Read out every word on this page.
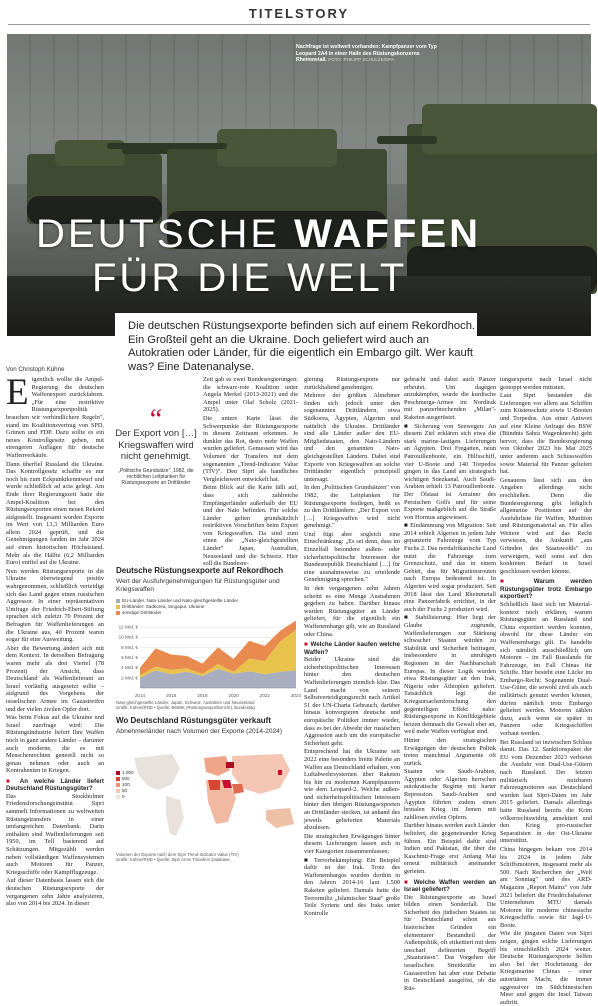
TITELSTORY
Nachfrage ist weltweit vorhanden: Kampfpanzer vom Typ Leopard 2A4 in einer Halle des Rüstungskonzerns Rheinmetall. FOTO: PHILIPP SCHULZE/DPA
DEUTSCHE WAFFEN
FÜR DIE WELT
Die deutschen Rüstungsexporte befinden sich auf einem Rekordhoch. Ein Großteil geht an die Ukraine. Doch geliefert wird auch an Autokratien oder Länder, für die eigentlich ein Embargo gilt. Wer kauft was? Eine Datenanalyse.
Von Christoph Kühne

Eigentlich wollte die Ampel-Regierung die deutschen Waffenexport zurückfahren. „Für eine restriktive Rüstungsexportpolitik brauchen wir verbindlichere Regeln", stand im Koalitionsvertrag von SPD, Grünen und FDP. Dazu sollte es ein neues Kontrollgesetz geben, mit strengeren Auflagen für deutsche Waffenverkäufe.

Dann überfiel Russland die Ukraine. Das Kontrollgesetz schaffte es nur noch bis zum Eckpunktkenntwurf und wurde schließlich ad acta gelegt. Am Ende ihrer Regierungszeit hatte die Ampel-Koalition bei den Rüstungsexporten einen neuen Rekord aufgestellt. Insgesamt wurden Exporte im Wert von 13,3 Milliarden Euro allein 2024 geprüft, und die Genehmigungen fanden im Jahr 2024 auf einen historischen Höchststand. Mehr als die Hälfte (6,2 Milliarden Euro) entfiel auf die Ukraine.

Nun werden Rüstungsexporte in die Ukraine überwiegend positiv wahrgenommen, schließlich verteidigt sich das Land gegen einen russischen Aggressor. In einer repräsentativen Umfrage der Friedrich-Ebert-Stiftung sprachen sich zuletzt 70 Prozent der Befragten für Waffenlieferungen an die Ukraine aus, 40 Prozent waren sogar für eine Ausweitung.

Aber die Bewertung ändert sich mit dem Kontext. In derselben Befragung waren mehr als drei Viertel (78 Prozent) der Ansicht, dass Deutschland als Waffenlieferant an Israel vorläufig ausgesetzt sollte – aufgrund des Vorgehens der israelischen Armee im Gazastreifen und der vielen zivilen Opfer dort.

Was beim Fokus auf die Ukraine und Israel zuerfrage wird: Die Rüstungsindustrie liefert Ihre Waffen noch in ganz andere Länder – darunter auch moderne, die es mit Menschenrechten generell nicht so genau nehmen oder auch an Kontrahenten in Kriegen.

■ An welche Länder liefert Deutschland Rüstungsgüter?

Das Stockholmer Friedensforschungsinstitut Sipri sammelt Informationen zu weltweiten Rüstungstransfers in einer umfangreichen Datenbank. Darin enthalten sind Waffenlieferungen seit 1950, im Tell basierend auf Schätzungen. Mitgezählt werden neben vollständigen Waffensystemen auch Motoren für Panzer, Kriegsschiffe oder Kampfflugzeuge.

Auf dieser Datenbasis lassen sich die deutschen Rüstungsexporte der vergangenen zehn Jahre analysieren, also von 2014 bis 2024. In dieser

“
Der Export von […] Kriegswaffen wird nicht genehmigt.
„Politische Grundsätze", 1982, die rechtlichen Leitplanken für Rüstungsexporte an Drittländer

Zeit gab es zwei Bundesregierungen: die schwarz-rote Koalition unter Angela Merkel (2013-2021) und die Ampel unter Olaf Scholz (2021-2025).

Die untere Karte lässt die Schwerpunkte der Rüstungsexporte in diesem Zeitraum erkennen. Je dunkler das Rot, desto mehr Waffen wurden geliefert. Gemessen wird das Volumen der Transfers mit dem sogenannten „Trend-Indicator Value (TIV)". Den Sipri als handliches Vergleichswert entwickelt hat.

Beim Blick auf die Karte fällt auf, dass sich zahlreiche Empfängerländer außerhalb der EU und der Nato befinden. Für solche Länder gelten grundsätzlich restriktiven Vorschriften beim Export von Kriegswaffen. Da sind zum einen die „Nato-gleichgestellten Länder" Japan, Australien, Neuseeland und die Schweiz. Hier soll die Bundesre-

gierung Rüstungsexporte nur zurückhaltend genehmigen.

Mehrere der größten Abnehmer finden sich jedoch unter den sogenannten Drittländern, etwa Südkorea, Ägypten, Algerien und natürlich die Ukraine. Drittländer sind alle Länder außer den EU-Mitgliedstaaten, den Nato-Ländern und den genannten Nato-gleichgestellten Ländern. Dabei sind Exporte von Kriegswaffen an solche Drittländer eigentlich prinzipiell untersagt.

In den „Politischen Grundsätzen" von 1982, die Leitplanken für Rüstungsexporte festlegen, heißt es zu den Drittländern: „Der Export von […] Kriegswaffen wird nicht genehmigt."

Und fügt aber sogleich eine Einschränkung: „Es sei denn, dass im Einzelfall besondere außen- oder sicherheitspolitische Interessen der Bundesrepublik Deutschland […] für eine ausnahmsweise zu erteilende Genehmigung sprechen."

In den vergangenen zehn Jahren scheint es eine Menge Ausnahmen gegeben zu haben. Darüber hinaus wurden Rüstungsgüter an Länder geliefert, für die eigentlich ein Waffenembargo gilt, wie an Russland oder China.

■ Welche Länder kaufen welche Waffen?

Beider Ukraine sind die sicherheitspolitischen Interessen hinter den deutschen Waffenlieferungen ziemlich klar. Das Land macht von seinem Selbstverteidigungsrecht nach Artikel 51 der UN-Charta Gebrauch, darüber hinaus konvergieren deutsche und europäische Politiker immer wieder, dass es bei der Abwehr der russischen Aggression auch um die europäische Sicherheit geht.

Entsprechend hat die Ukraine seit 2022 eine besonders breite Palette an Waffen aus Deutschland erhalten, von Luftabwehrsystemen über Raketen bis hin zu modernen Kampfpanzern wie dem Leopard-2. Welche außen- und sicherheitspolitischen Interessen hinter den übrigen Rüstungsexporten an Drittländer stecken, ist anhand des jeweils gelieferten Materials abzulesen.

Die strategischen Erwägungen hinter diesem Lieferungen lassen sich in vier Kategorien zusammenfassen:

■ Terrorbekämpfung: Ein Beispiel dafür ist der Irak. Trotz des Waffenembargos wurden dorthin in den Jahren 2014-16 laut 1.500 Raketen geliefert. Damals hatte die Terrormiliz „Islamischer Staat" große Teile Syriens und des Iraks unter Kontrolle

gebracht und dabei auch Panzer erbeutet. Um dagegen anzukämpfen, wurde die kurdische Peschmerga-Armee im Nordirak mit panzerbrechenden „Milan"-Raketen ausgerüstet.

■ Sicherung von Seewegen: An diesem Ziel erklären sich etwa die stark marine-lastigen Lieferungen an Ägypten. Drei Fregatten, neun Patrouillenboote, ein Hilfsschiff, vier U-Boote und 140 Torpedos gingen in das Land am strategisch wichtigen Suezkanal. Auch Saudi-Arabien erhielt 13 Patrouillenboote. Der Ölstaat ist Anrainer des Persischen Golfs und für seine Exporte maßgeblich auf die Straße von Hormus angewiesen.

■ Eindämmung von Migration: Seit 2014 erhielt Algerien in jedem Jahr gepanzerte Fahrzeuge vom Typ Fuchs 2. Das nordafrikanische Land nutzt die Fahrzeuge zum Grenzschutz, und das in einem Gebiet, das für Migrationsrouten nach Europa bedeutend ist. In Algerien wird sogar produziert. Seit 2018 lässt das Land Rheinmetall eine Panzerfabrik errichtet, in der auch der Fuchs 2 produziert wird.

■ Stabilisierung: Hier liegt der Glaube zugrunde, Waffenlieferungen zur Stärkung schwacher Staaten würden zu Stabilität und Sicherheit beitragen, insbesondere in unruhigen Regionen in der Nachbarschaft Europas. In dieser Logik wurden etwa Rüstungsgüter an den Irak, Nigeria oder Äthiopien geliefert. Tatsächlich legt die Kriegsursachenforschung den gegenteiligen Effekt nahe: Rüstungsexporte in Konfliktgebiete heizen demnach die Gewalt eher an, weil mehr Waffen verfügbar sind.

Hinter den strategischen Erwägungen der deutschen Politik treten manchmal Argumente oft zurück.

Staaten wie Saudi-Arabien, Ägypten oder Algerien herrschen autokratische Regime mit harter Repression. Saudi-Arabien und Ägypten führten zudem einen brutalen Krieg im Jemen mit zahllosen zivilen Opfern.

Darüber hinaus werden auch Länder beliefert, die gegeneinander Krieg führen. Ein Beispiel dafür sind Indien und Pakistan, die über die Kaschmir-Frage erst Anfang Mai erneut militärisch aneinander gerieten.

■ Welche Waffen werden an Israel geliefert?

Die Rüstungsexporte an Israel bilden einen Sonderfall. Die Sicherheit des jüdischen Staates ist für Deutschland schon aus historischen Gründen ein elementarer Bestandteil der Außenpolitik, oft etikettiert mit dem unscharf definierten Begriff „Staatsräson". Das Vorgehen der israelischen Streitkräfte im Gazastreifen hat aber eine Debatte in Deutschland ausgelöst, ob die Rüs-

tungsexporte nach Israel nicht gestoppt werden müssten.

Laut Sipri bestanden die Lieferungen vor allem aus Schiffen zum Küstenschutz sowie U-Booten und Torpedos. Aus einer Antwort auf eine Kleine Anfrage des BSW (Bündnis Sahra Wagenknecht) geht hervor, dass die Bundesregierung von Oktober 2023 bis Mai 2025 unter anderem auch Schusswaffen sowie Material für Panzer geliefert hat.

Genaueres lässt sich aus den Angaben allerdings nicht erschließen. Denn die Bundesregierung gibt lediglich allgemeine Positionen auf der Ausfuhrliste für Waffen, Munition und Rüstungsmaterial an. Für alles Weitere wird auf das Recht verwiesen, die Auskunft „aus Gründen des Staatswohls" zu verweigern, weil sonst auf den konkreten Bedarf in Israel geschlossen werden könnte.

■ Warum werden Rüstungsgüter trotz Embargo exportiert?

Schließlich lässt sich im Material-kontext noch erklären, warum Rüstungsgüter an Russland und China exportiert werden konnten, obwohl für diese Länder ein Waffenembargo gilt. Es handelte sich nämlich ausschließlich um Motoren – im Fall Russlands für Fahrzeuge, im Fall Chinas für Schiffe. Hier besteht eine Lücke im Embargo-Recht: Sogenannte Dual-Use-Güter, die sowohl zivil als auch militärisch genutzt werden können, dürfen nämlich trotz Embargo geliefert werden. Motoren zählen dazu, auch wenn sie später in Panzern oder Kriegsschiffen verbaut werden.

Bei Russland ist inzwischen Schluss damit. Das 12. Sanktionspaket der EU vom Dezember 2023 verbietet die Ausfuhr von Dual-Use-Gütern nach Russland. Der letzten militärisch nutzbaren Fahrzeugmotoren aus Deutschland wurden laut Sipri-Daten im Jahr 2015 geliefert. Damals allerdings hatte Russland bereits die Krim völkerrechtswidrig annektiert und den Krieg pro-russischer Separatisten in der Ost-Ukraine unterstützt.

China hingegen bekam von 2014 bis 2024 in jedem Jahr Schiffsmotoren, insgesamt mehr als 500. Nach Recherchen der „Welt am Sonntag" und des ARD-Magazins „Report Mainz" von Jahr 2021 beliefert die Friedrichshafener Unternehmen MTU damals Motoren für moderne chinesische Kriegsschiffe sowie für Jagd-U-Boote.

Wie die jüngsten Daten von Sipri zeigen, gingen solche Lieferungen bis einschließlich 2024 weiter. Deutsche Rüstungsexporte helfen also bei der Hochrüstung der Kriegsmarine Chinas – einer autoritären Macht, die immer aggressiver im Südchinesischen Meer und gegen die Insel Taiwan auftritt.

Deutsche Rüstungsexporte auf Rekordhoch
Wert der Ausfuhrgenehmigungen für Rüstungsgüter und Kriegswaffen
EU-Länder, Nato-Länder und Nato-gleichgestellte Länder
Drittländer: Südkorea, Singapur, Ukraine
sonstige Drittländer
2 Mrd. €
4 Mrd. €
6 Mrd. €
8 Mrd. €
10 Mrd. €
12 Mrd. €
2014	2016	2018	2020	2022	2024
Nato-gleichgestellte Länder: Japan, Schweiz, Australien und Neuseeland
Grafik: Kühne/RND • Quelle: BMWK (Rüstungsexportbericht), Bundestag
Wo Deutschland Rüstungsgüter verkauft
Abnehmerländer nach Volumen der Exporte (2014-2024)
1.000
500
100
50
0
Volumen der Exporte nach dem Sipri Trend-Indicator Value (TIV)
Grafik: Kühne/RND • Quelle: Sipri Arms Transfers Database
